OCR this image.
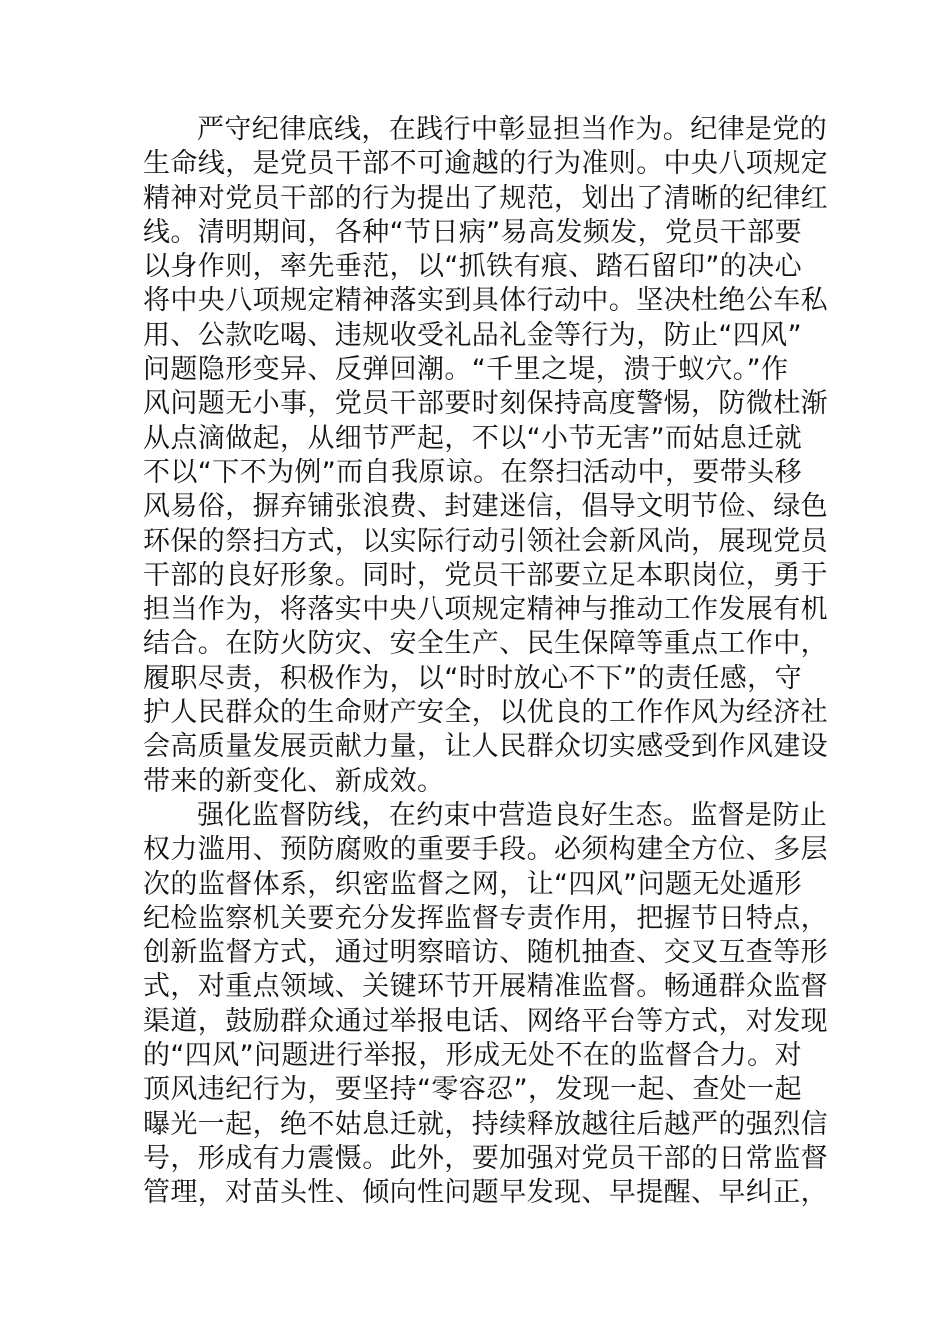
严守纪律底线，在践行中彰显担当作为。纪律是党的
生命线，是党员干部不可逾越的行为准则。中央八项规定
精神对党员干部的行为提出了规范，划出了清晰的纪律红
线。清明期间，各种“节日病”易高发频发，党员干部要
以身作则，率先垂范，以“抓铁有痕、踏石留印”的决心
将中央八项规定精神落实到具体行动中。坚决杜绝公车私
用、公款吃喝、违规收受礼品礼金等行为，防止“四风”
问题隐形变异、反弹回潮。“千里之堤，溃于蚁穴。”作
风问题无小事，党员干部要时刻保持高度警惕，防微杜渐
从点滴做起，从细节严起，不以“小节无害”而姑息迁就
不以“下不为例”而自我原谅。在祭扫活动中，要带头移
风易俗，摒弃铺张浪费、封建迷信，倡导文明节俭、绿色
环保的祭扫方式，以实际行动引领社会新风尚，展现党员
干部的良好形象。同时，党员干部要立足本职岗位，勇于
担当作为，将落实中央八项规定精神与推动工作发展有机
结合。在防火防灾、安全生产、民生保障等重点工作中，
履职尽责，积极作为，以“时时放心不下”的责任感，守
护人民群众的生命财产安全，以优良的工作作风为经济社
会高质量发展贡献力量，让人民群众切实感受到作风建设
带来的新变化、新成效。
强化监督防线，在约束中营造良好生态。监督是防止
权力滥用、预防腐败的重要手段。必须构建全方位、多层
次的监督体系，织密监督之网，让“四风”问题无处遁形
纪检监察机关要充分发挥监督专责作用，把握节日特点，
创新监督方式，通过明察暗访、随机抽查、交叉互查等形
式，对重点领域、关键环节开展精准监督。畅通群众监督
渠道，鼓励群众通过举报电话、网络平台等方式，对发现
的“四风”问题进行举报，形成无处不在的监督合力。对
顶风违纪行为，要坚持“零容忍”，发现一起、查处一起
曝光一起，绝不姑息迁就，持续释放越往后越严的强烈信
号，形成有力震慑。此外，要加强对党员干部的日常监督
管理，对苗头性、倾向性问题早发现、早提醒、早纠正，
